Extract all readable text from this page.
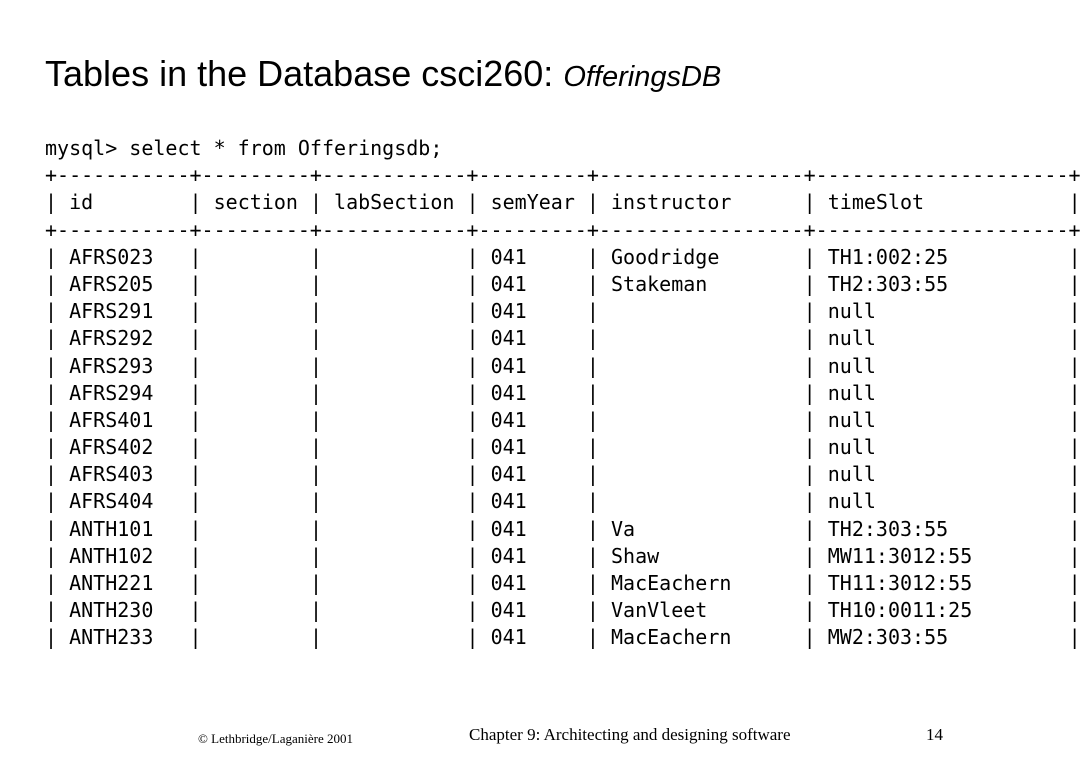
Tables in the Database csci260: OfferingsDB
mysql> select * from Offeringsdb;
+-----------+---------+------------+---------+-----------------+---------------------+
| id        | section | labSection | semYear | instructor      | timeSlot            |
+-----------+---------+------------+---------+-----------------+---------------------+
| AFRS023   |	|	| 041     | Goodridge       | TH1:002:25          |
| AFRS205   |	|	| 041     | Stakeman        | TH2:303:55          |
| AFRS291   |	|	| 041     |	| null                |
| AFRS292   |	|	| 041     |	| null                |
| AFRS293   |	|	| 041     |	| null                |
| AFRS294   |	|	| 041     |	| null                |
| AFRS401   |	|	| 041     |	| null                |
| AFRS402   |	|	| 041     |	| null                |
| AFRS403   |	|	| 041     |	| null                |
| AFRS404   |	|	| 041     |	| null                |
| ANTH101   |	|	| 041     | Va              | TH2:303:55          |
| ANTH102   |	|	| 041     | Shaw            | MW11:3012:55        |
| ANTH221   |	|	| 041     | MacEachern      | TH11:3012:55        |
| ANTH230   |	|	| 041     | VanVleet        | TH10:0011:25        |
| ANTH233   |	|	| 041     | MacEachern      | MW2:303:55          |
© Lethbridge/Laganière 2001	Chapter 9: Architecting and designing software	14
